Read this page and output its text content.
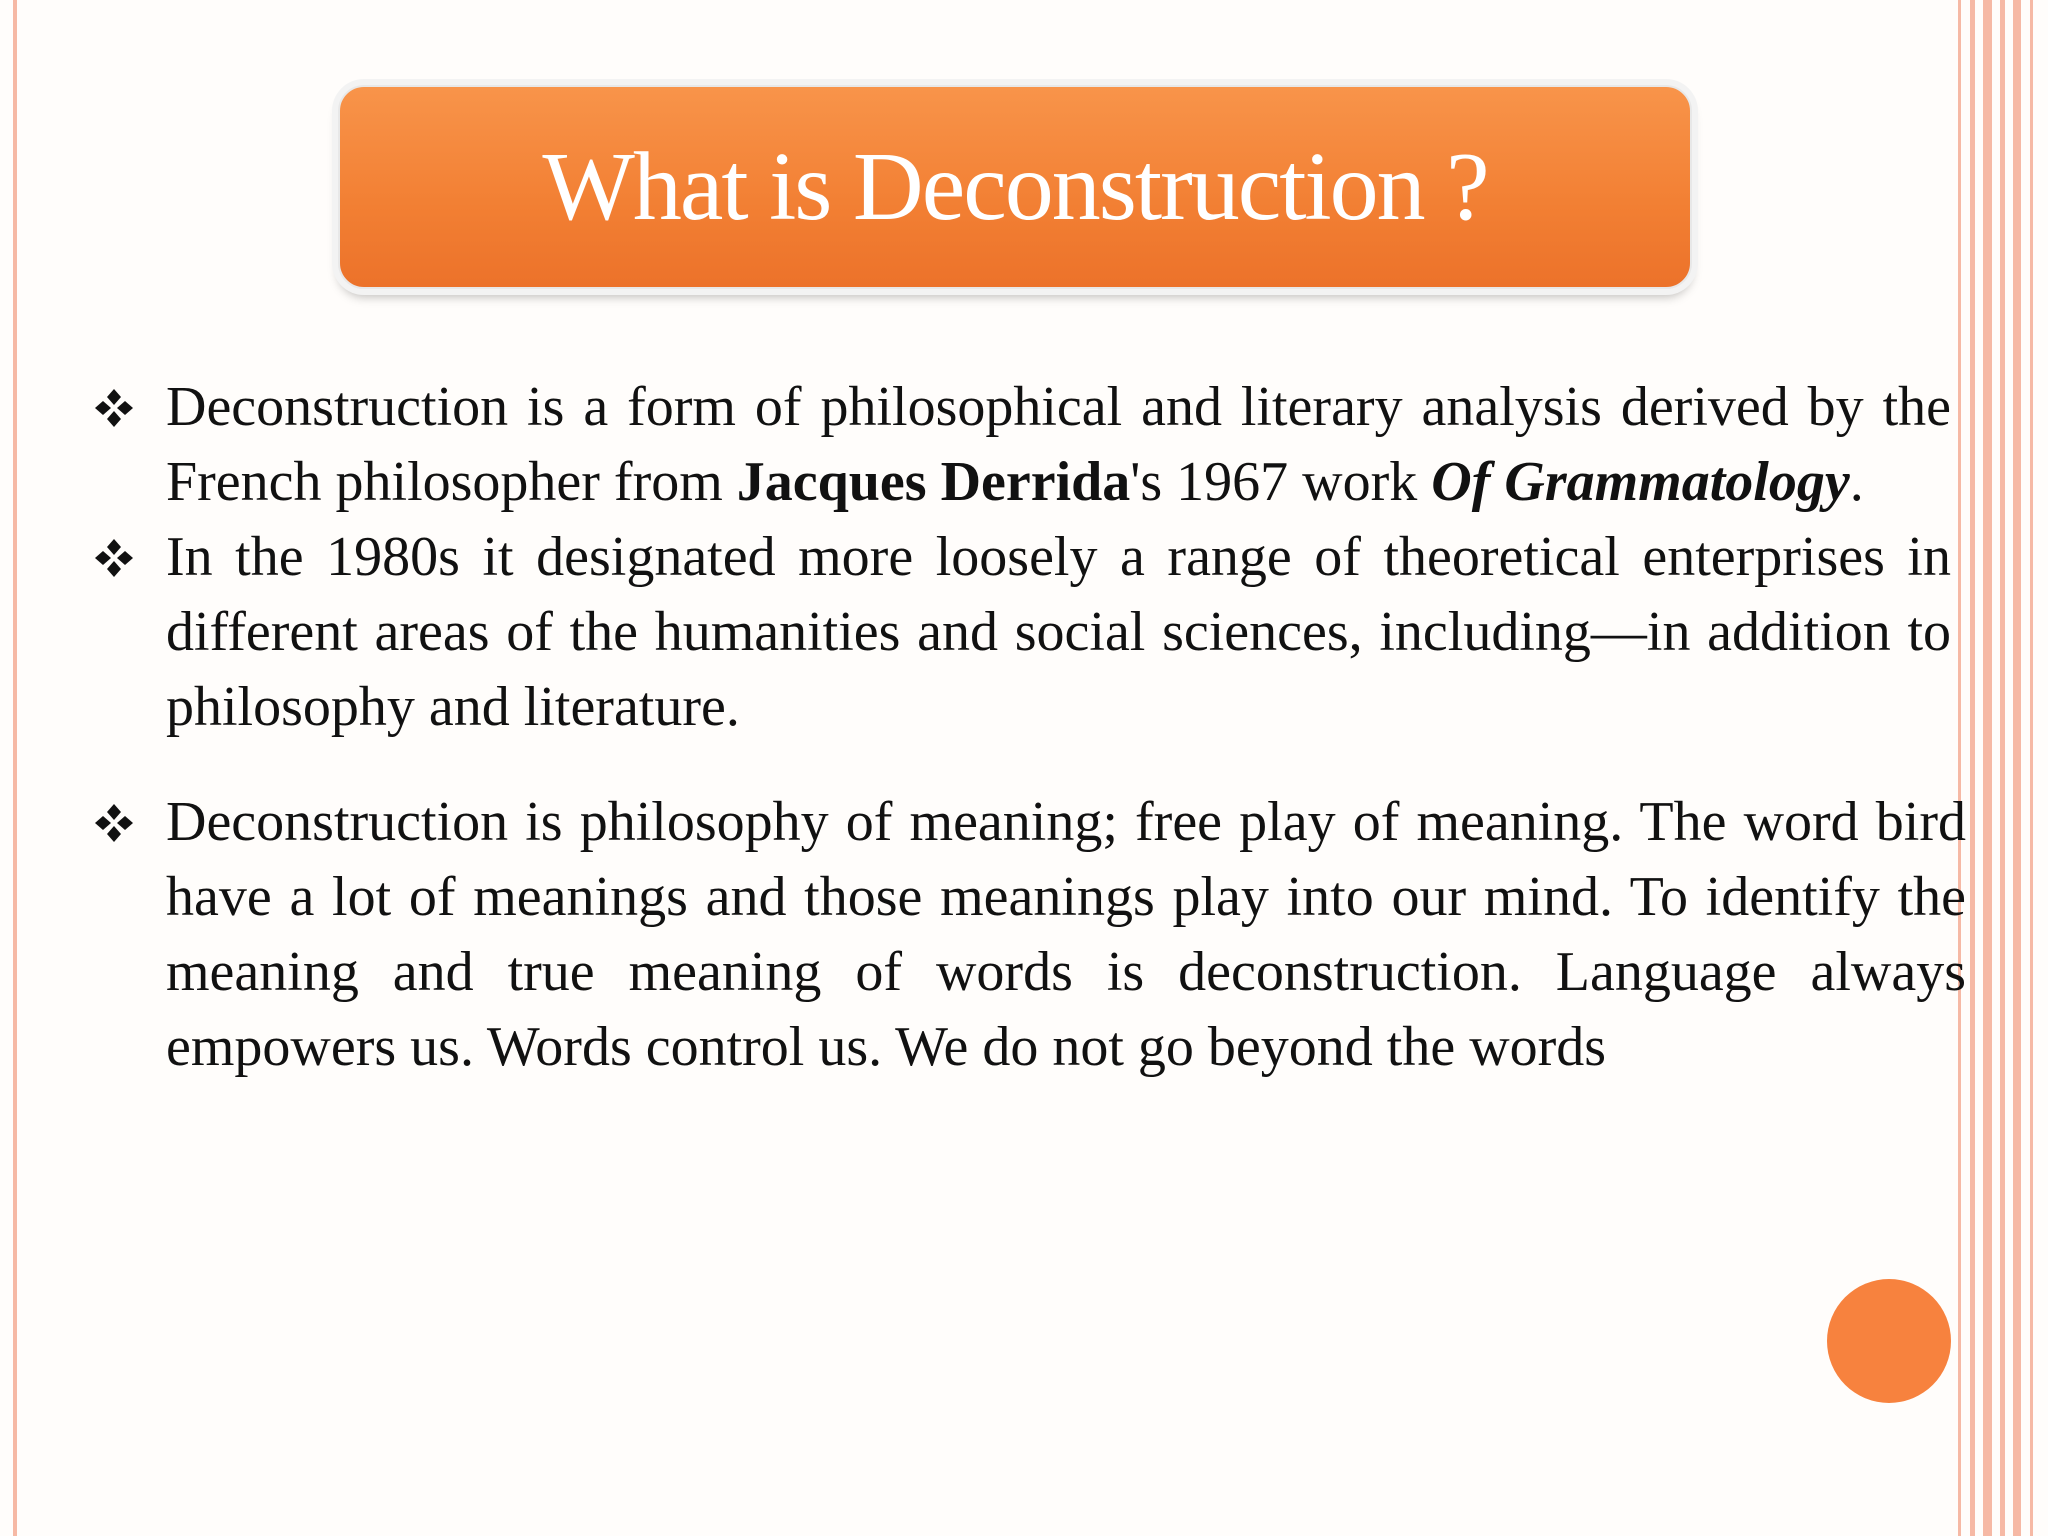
What is Deconstruction ?
Deconstruction is a form of philosophical and literary analysis derived by the French philosopher from Jacques Derrida's 1967 work Of Grammatology.
In the 1980s it designated more loosely a range of theoretical enterprises in different areas of the humanities and social sciences, including—in addition to philosophy and literature.
Deconstruction is philosophy of meaning; free play of meaning. The word bird have a lot of meanings and those meanings play into our mind. To identify the meaning and true meaning of words is deconstruction. Language always empowers us. Words control us. We do not go beyond the words
